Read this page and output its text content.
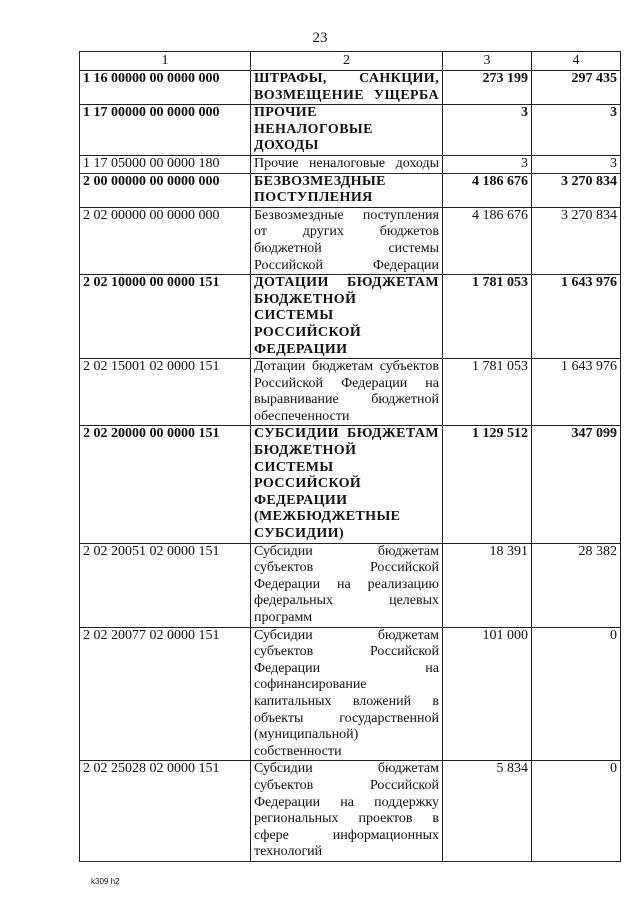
23
1	2	3	4
1 16 00000 00 0000 000	ШТРАФЫ, САНКЦИИ, ВОЗМЕЩЕНИЕ УЩЕРБА	273 199	297 435
1 17 00000 00 0000 000	ПРОЧИЕ НЕНАЛОГОВЫЕ ДОХОДЫ	3	3
1 17 05000 00 0000 180	Прочие неналоговые доходы	3	3
2 00 00000 00 0000 000	БЕЗВОЗМЕЗДНЫЕ ПОСТУПЛЕНИЯ	4 186 676	3 270 834
2 02 00000 00 0000 000	Безвозмездные поступления от других бюджетов бюджетной системы Российской Федерации	4 186 676	3 270 834
2 02 10000 00 0000 151	ДОТАЦИИ БЮДЖЕТАМ БЮДЖЕТНОЙ СИСТЕМЫ РОССИЙСКОЙ ФЕДЕРАЦИИ	1 781 053	1 643 976
2 02 15001 02 0000 151	Дотации бюджетам субъектов Российской Федерации на выравнивание бюджетной обеспеченности	1 781 053	1 643 976
2 02 20000 00 0000 151	СУБСИДИИ БЮДЖЕТАМ БЮДЖЕТНОЙ СИСТЕМЫ РОССИЙСКОЙ ФЕДЕРАЦИИ (МЕЖБЮДЖЕТНЫЕ СУБСИДИИ)	1 129 512	347 099
2 02 20051 02 0000 151	Субсидии бюджетам субъектов Российской Федерации на реализацию федеральных целевых программ	18 391	28 382
2 02 20077 02 0000 151	Субсидии бюджетам субъектов Российской Федерации на софинансирование капитальных вложений в объекты государственной (муниципальной) собственности	101 000	0
2 02 25028 02 0000 151	Субсидии бюджетам субъектов Российской Федерации на поддержку региональных проектов в сфере информационных технологий	5 834	0
k309 h2
